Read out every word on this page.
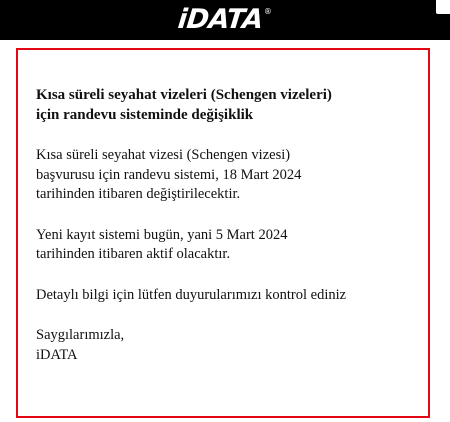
iDATA ®

Kısa süreli seyahat vizeleri (Schengen vizeleri)

için randevu sisteminde değişiklik

Kısa süreli seyahat vizesi (Schengen vizesi)

başvurusu için randevu sistemi, 18 Mart 2024

tarihinden itibaren değiştirilecektir.

Yeni kayıt sistemi bugün, yani 5 Mart 2024

tarihinden itibaren aktif olacaktır.

Detaylı bilgi için lütfen duyurularımızı kontrol ediniz

Saygılarımızla,

iDATA
